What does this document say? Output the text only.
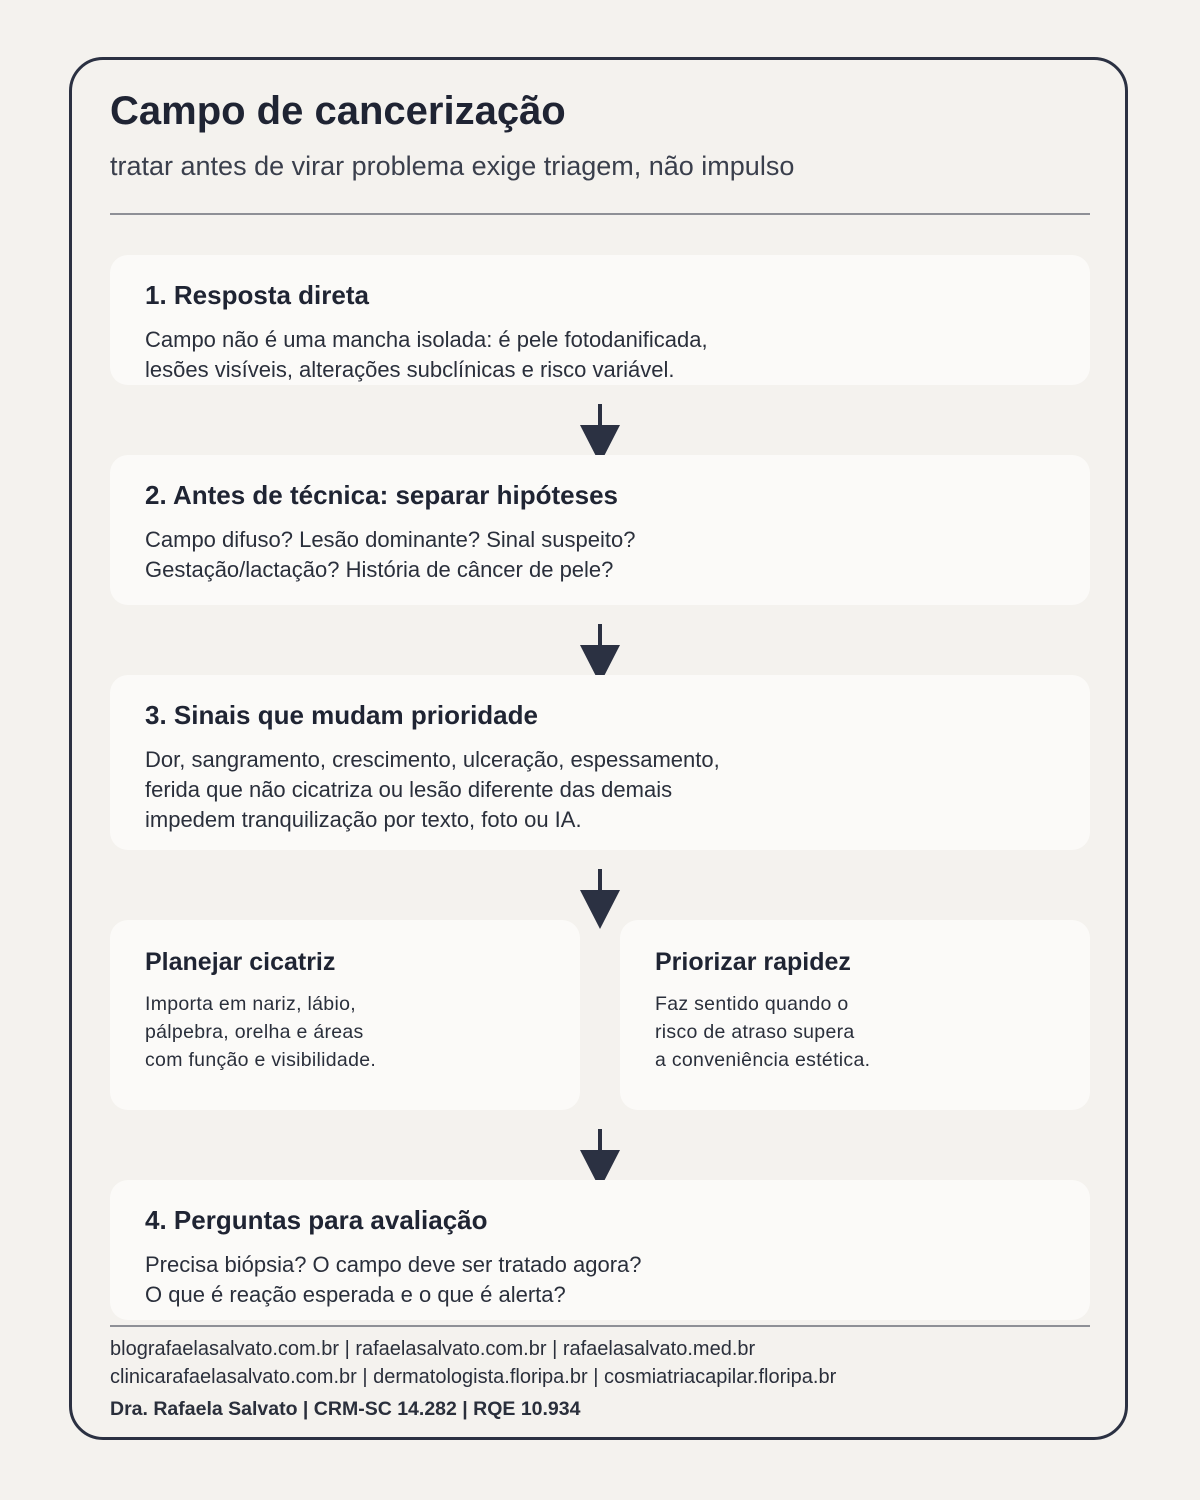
Campo de cancerização
tratar antes de virar problema exige triagem, não impulso
1. Resposta direta
Campo não é uma mancha isolada: é pele fotodanificada,
lesões visíveis, alterações subclínicas e risco variável.
2. Antes de técnica: separar hipóteses
Campo difuso? Lesão dominante? Sinal suspeito?
Gestação/lactação? História de câncer de pele?
3. Sinais que mudam prioridade
Dor, sangramento, crescimento, ulceração, espessamento,
ferida que não cicatriza ou lesão diferente das demais
impedem tranquilização por texto, foto ou IA.
Planejar cicatriz
Importa em nariz, lábio,
pálpebra, orelha e áreas
com função e visibilidade.
Priorizar rapidez
Faz sentido quando o
risco de atraso supera
a conveniência estética.
4. Perguntas para avaliação
Precisa biópsia? O campo deve ser tratado agora?
O que é reação esperada e o que é alerta?
blografaelasalvato.com.br | rafaelasalvato.com.br | rafaelasalvato.med.br
clinicarafaelasalvato.com.br | dermatologista.floripa.br | cosmiatriacapilar.floripa.br
Dra. Rafaela Salvato | CRM-SC 14.282 | RQE 10.934
